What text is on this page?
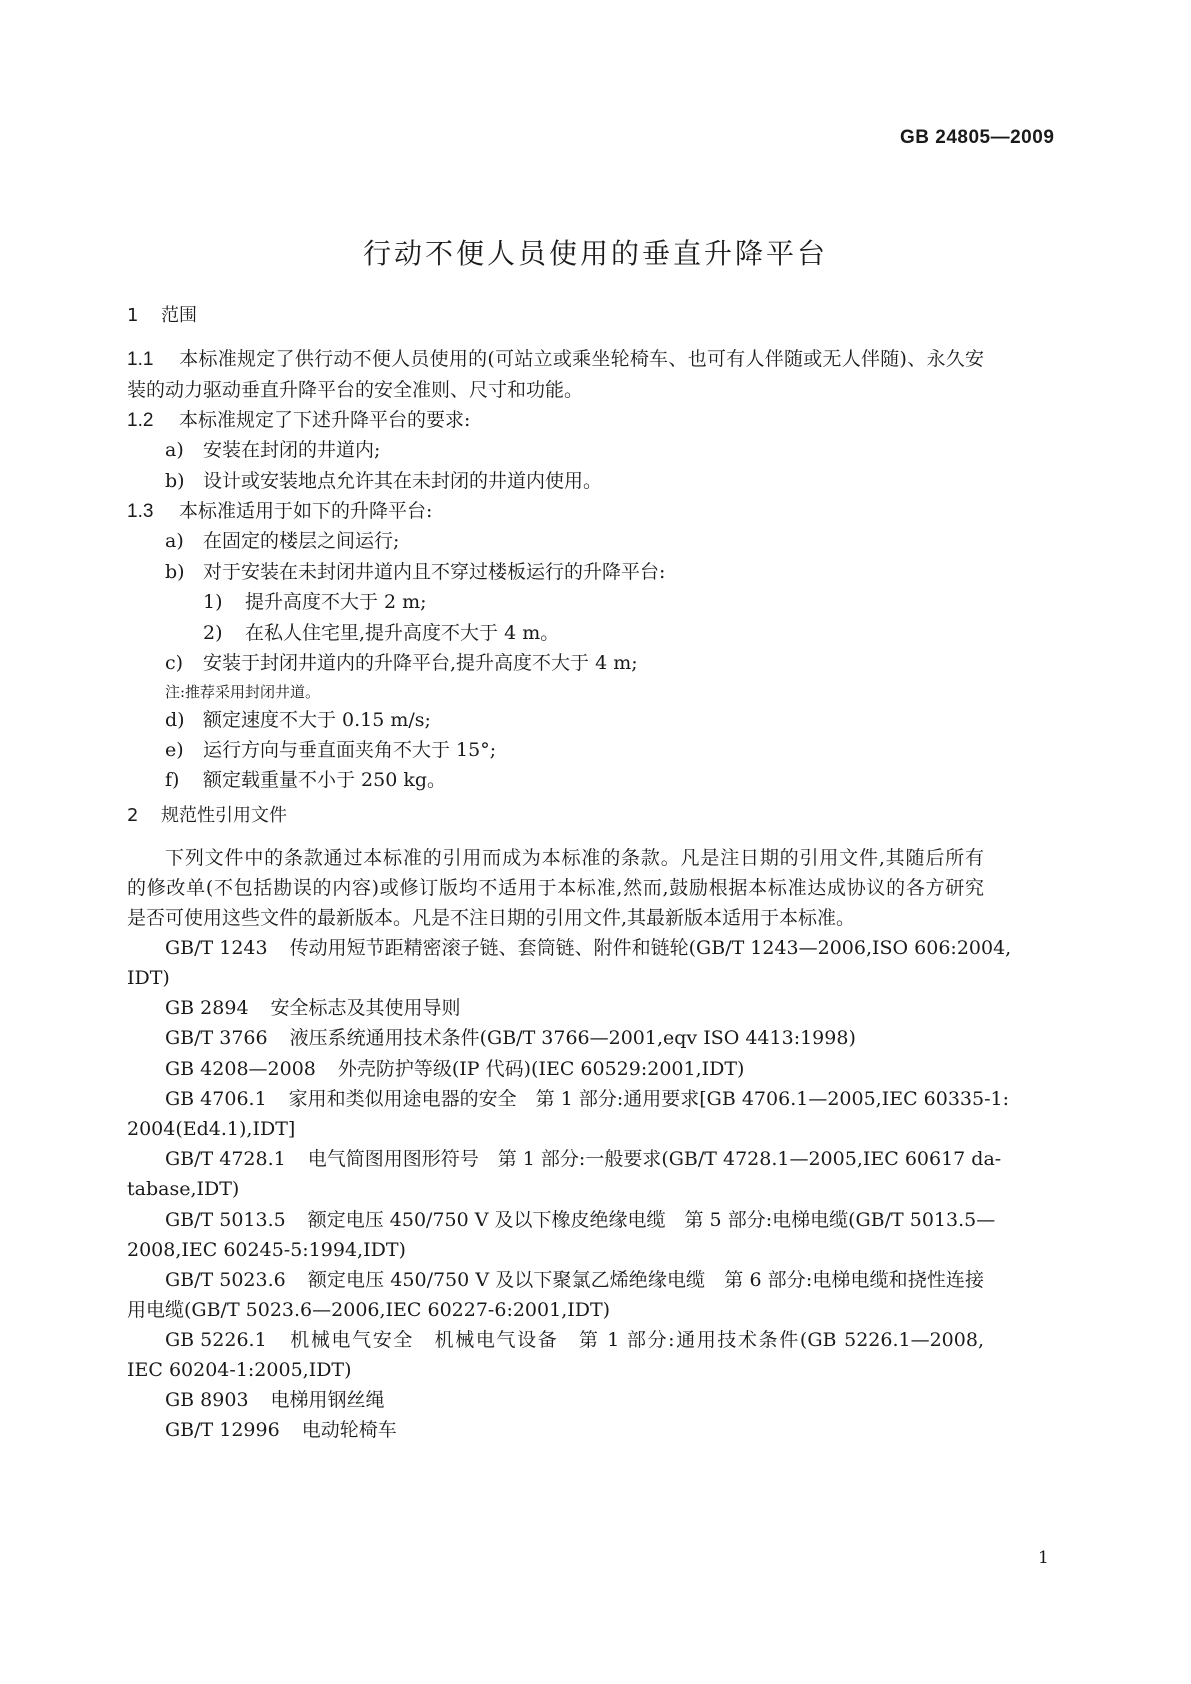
GB 24805—2009
行动不便人员使用的垂直升降平台
1 范围
1.1 本标准规定了供行动不便人员使用的(可站立或乘坐轮椅车、也可有人伴随或无人伴随)、永久安
装的动力驱动垂直升降平台的安全准则、尺寸和功能。
1.2 本标准规定了下述升降平台的要求:
a) 安装在封闭的井道内;
b) 设计或安装地点允许其在未封闭的井道内使用。
1.3 本标准适用于如下的升降平台:
a) 在固定的楼层之间运行;
b) 对于安装在未封闭井道内且不穿过楼板运行的升降平台:
1) 提升高度不大于 2 m;
2) 在私人住宅里,提升高度不大于 4 m。
c) 安装于封闭井道内的升降平台,提升高度不大于 4 m;
注:推荐采用封闭井道。
d) 额定速度不大于 0.15 m/s;
e) 运行方向与垂直面夹角不大于 15°;
f) 额定载重量不小于 250 kg。
2 规范性引用文件
下列文件中的条款通过本标准的引用而成为本标准的条款。凡是注日期的引用文件,其随后所有
的修改单(不包括勘误的内容)或修订版均不适用于本标准,然而,鼓励根据本标准达成协议的各方研究
是否可使用这些文件的最新版本。凡是不注日期的引用文件,其最新版本适用于本标准。
GB/T 1243 传动用短节距精密滚子链、套筒链、附件和链轮(GB/T 1243—2006,ISO 606:2004,
IDT)
GB 2894 安全标志及其使用导则
GB/T 3766 液压系统通用技术条件(GB/T 3766—2001,eqv ISO 4413:1998)
GB 4208—2008 外壳防护等级(IP 代码)(IEC 60529:2001,IDT)
GB 4706.1 家用和类似用途电器的安全　第 1 部分:通用要求[GB 4706.1—2005,IEC 60335-1:
2004(Ed4.1),IDT]
GB/T 4728.1 电气简图用图形符号　第 1 部分:一般要求(GB/T 4728.1—2005,IEC 60617 da-
tabase,IDT)
GB/T 5013.5 额定电压 450/750 V 及以下橡皮绝缘电缆　第 5 部分:电梯电缆(GB/T 5013.5—
2008,IEC 60245-5:1994,IDT)
GB/T 5023.6 额定电压 450/750 V 及以下聚氯乙烯绝缘电缆　第 6 部分:电梯电缆和挠性连接
用电缆(GB/T 5023.6—2006,IEC 60227-6:2001,IDT)
GB 5226.1 机械电气安全　机械电气设备　第 1 部分:通用技术条件(GB 5226.1—2008,
IEC 60204-1:2005,IDT)
GB 8903 电梯用钢丝绳
GB/T 12996 电动轮椅车
1
